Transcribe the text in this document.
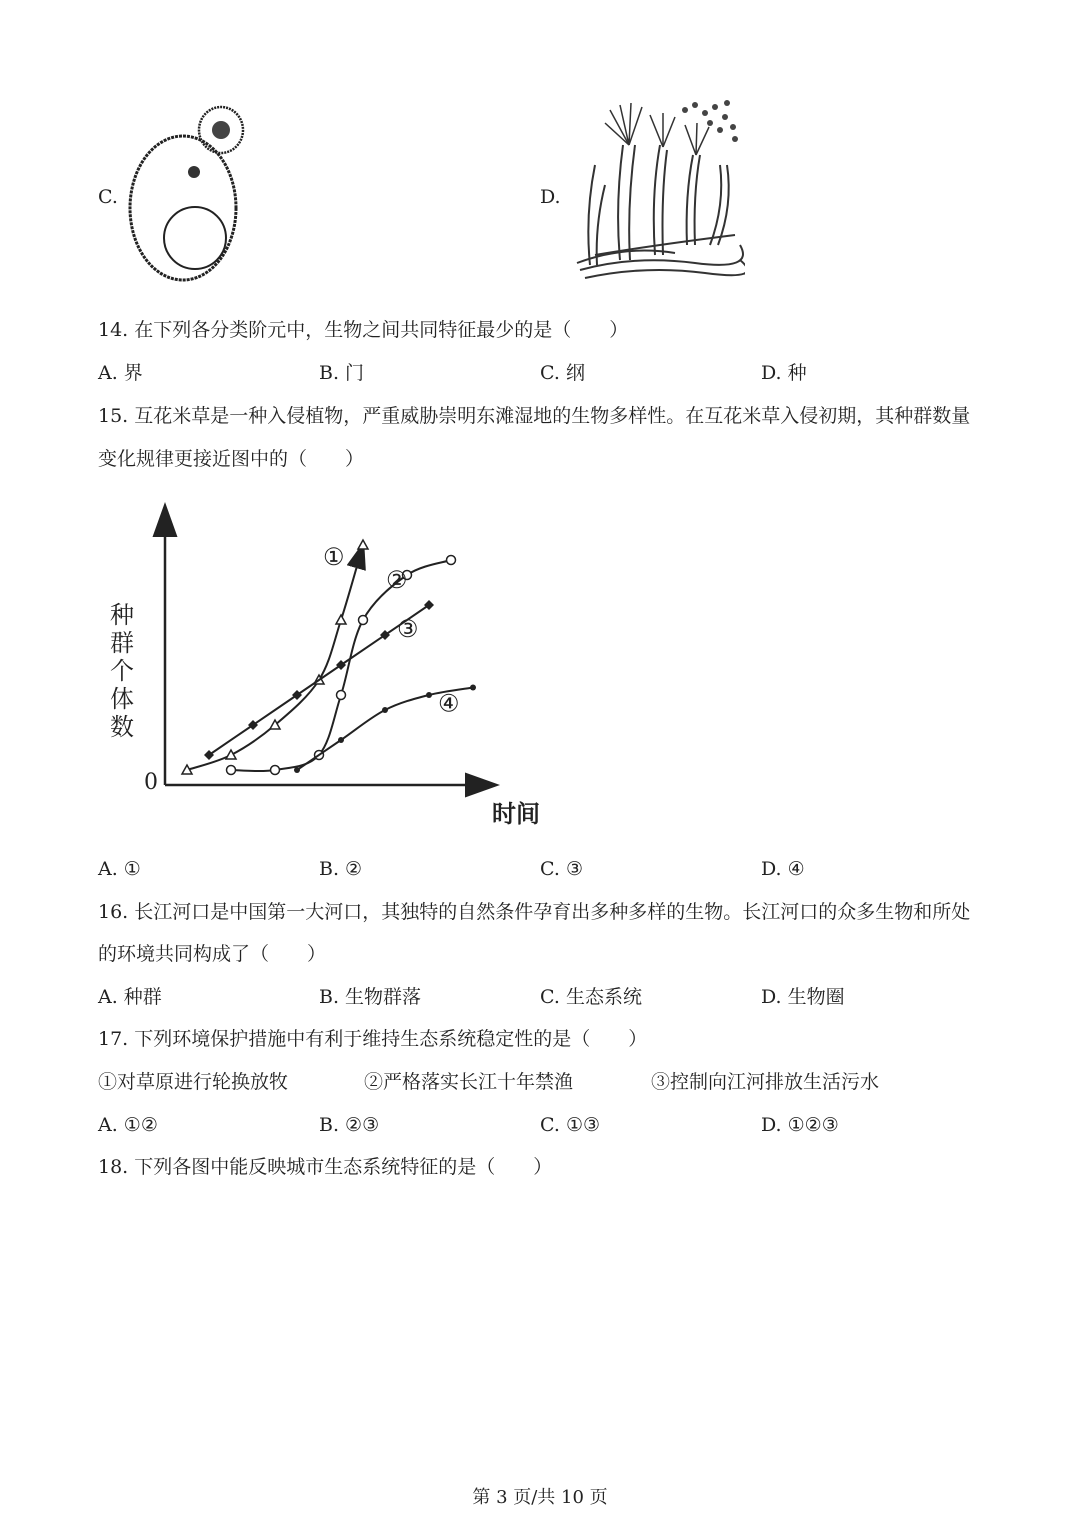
C.	D.
14. 在下列各分类阶元中，生物之间共同特征最少的是（　　）
A. 界	B. 门	C. 纲	D. 种
15. 互花米草是一种入侵植物，严重威胁崇明东滩湿地的生物多样性。在互花米草入侵初期，其种群数量
变化规律更接近图中的（　　）
0
时间
种群个体数
①
②
③
④
A. ①	B. ②	C. ③	D. ④
16. 长江河口是中国第一大河口，其独特的自然条件孕育出多种多样的生物。长江河口的众多生物和所处
的环境共同构成了（　　）
A. 种群	B. 生物群落	C. 生态系统	D. 生物圈
17. 下列环境保护措施中有利于维持生态系统稳定性的是（　　）
①对草原进行轮换放牧	②严格落实长江十年禁渔	③控制向江河排放生活污水
A. ①②	B. ②③	C. ①③	D. ①②③
18. 下列各图中能反映城市生态系统特征的是（　　）
第 3 页/共 10 页
